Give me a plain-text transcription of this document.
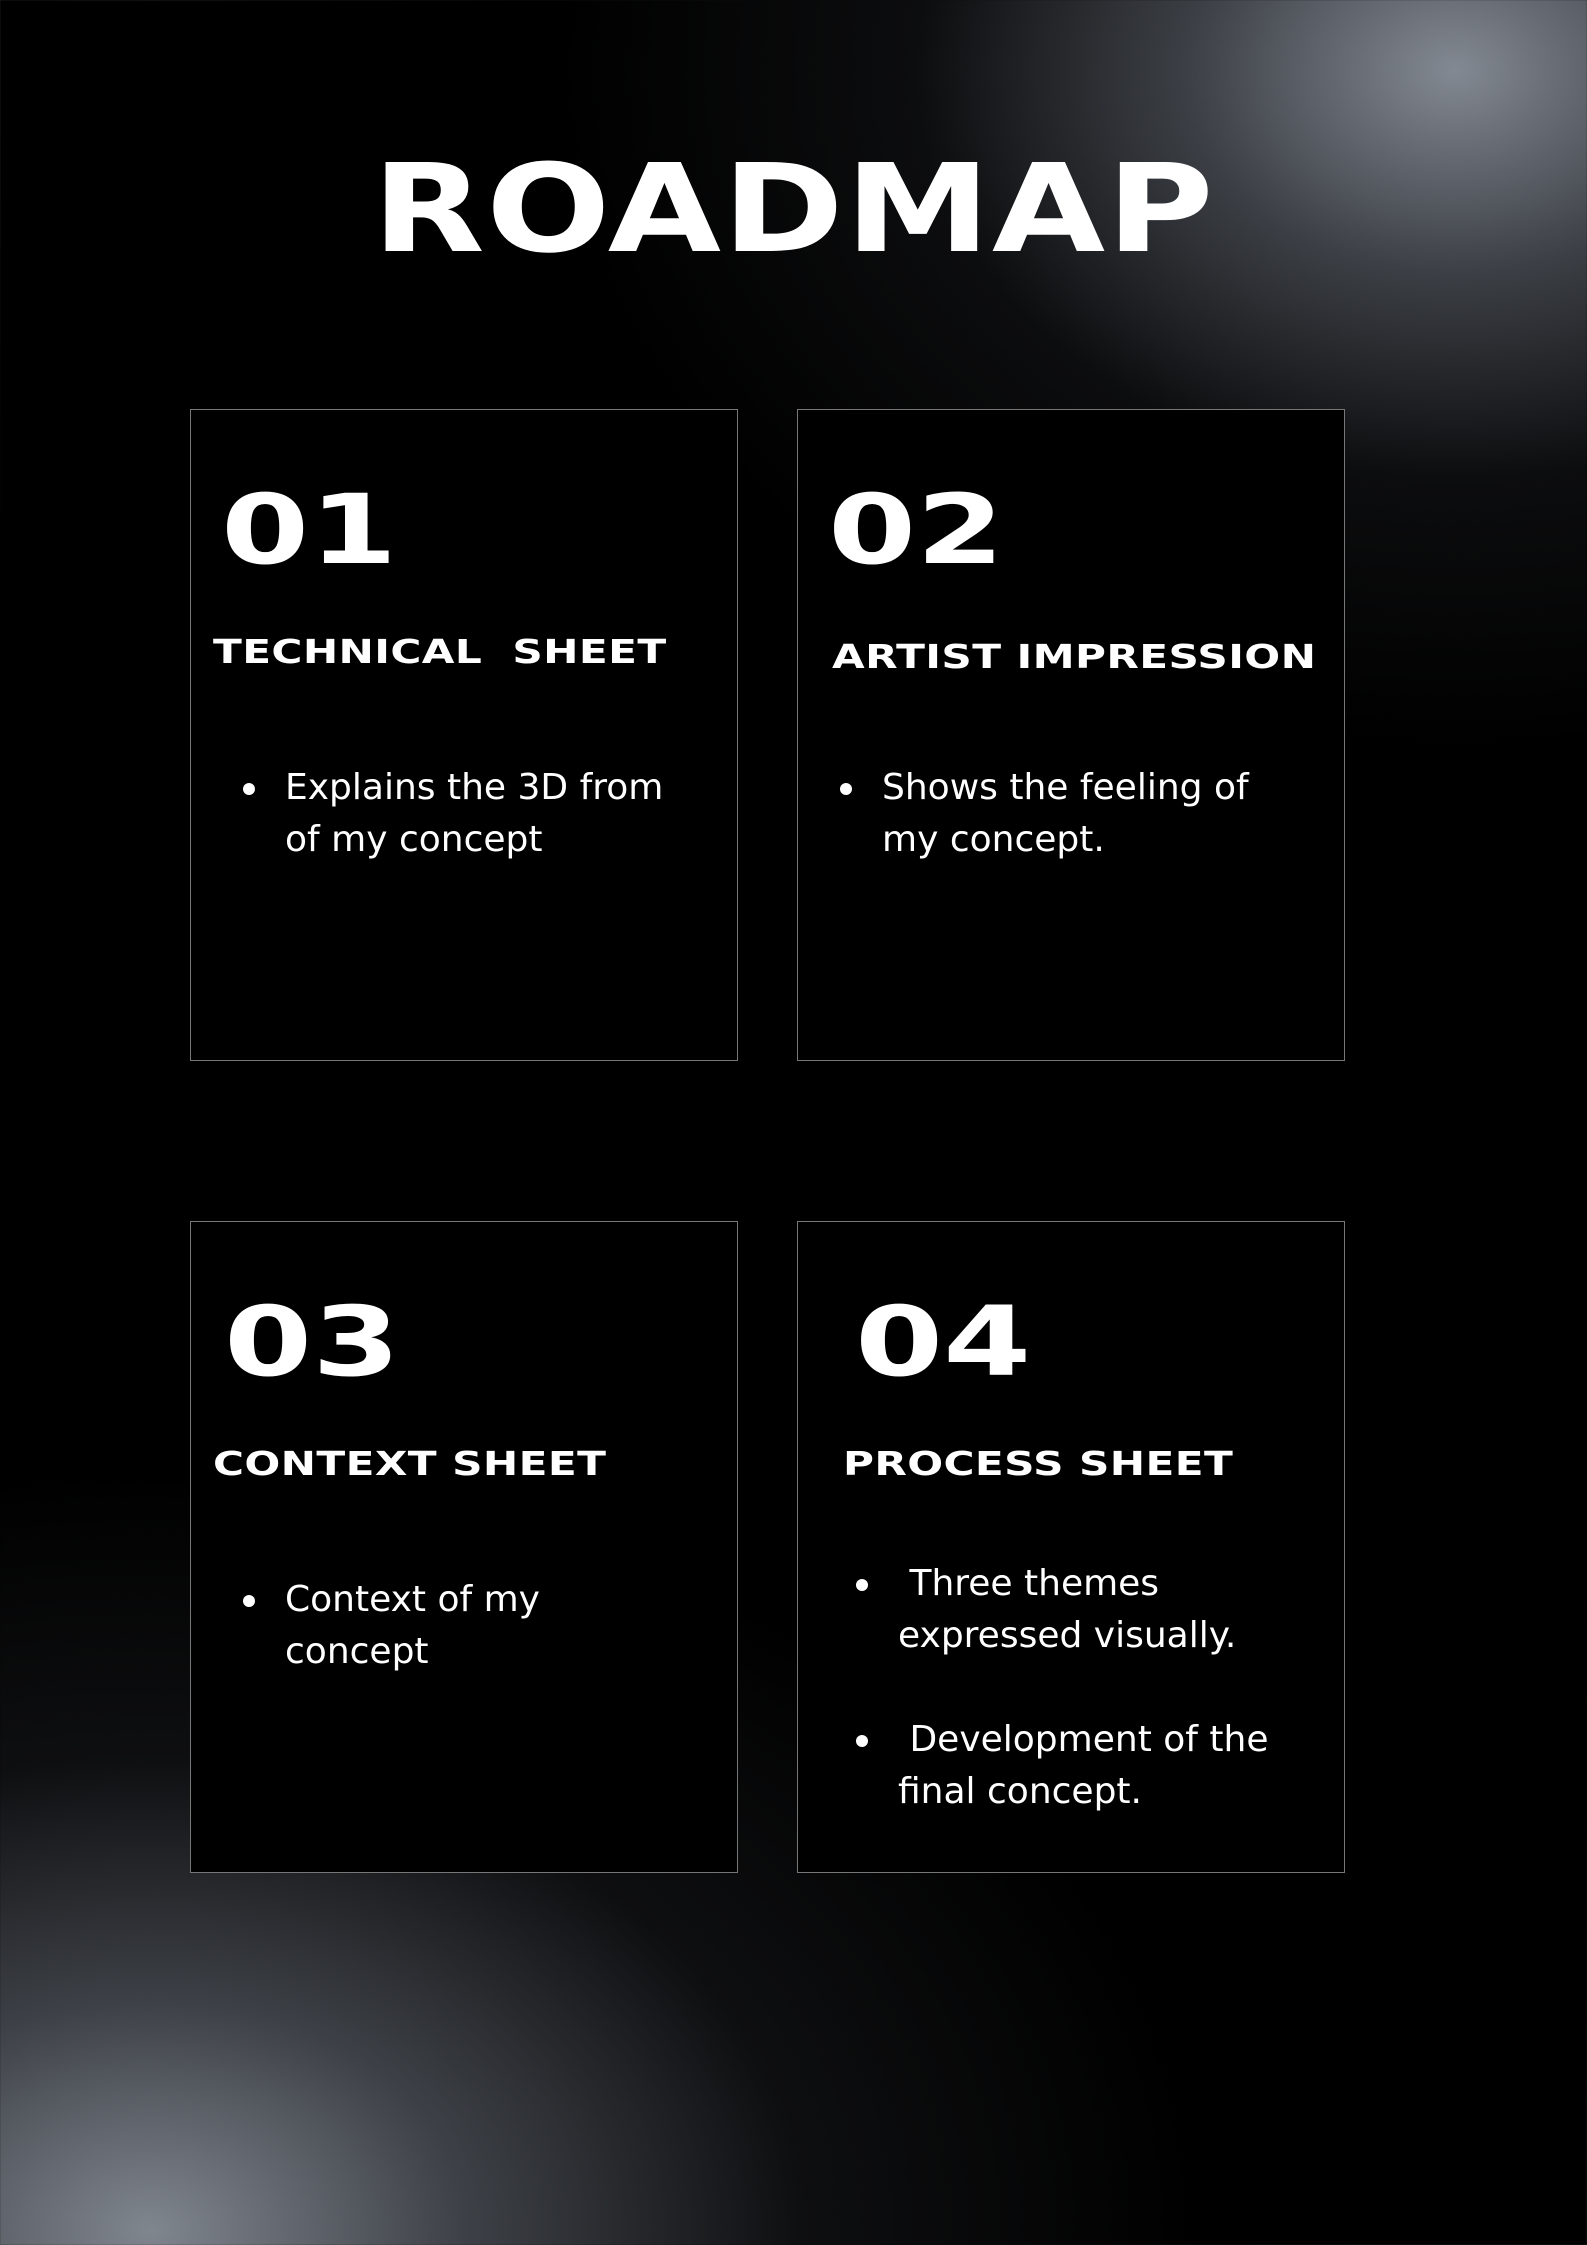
ROADMAP
01
TECHNICAL  SHEET
Explains the 3D from
of my concept
02
ARTIST IMPRESSION
Shows the feeling of
my concept.
03
CONTEXT SHEET
Context of my
concept
04
PROCESS SHEET
Three themes
expressed visually.
Development of the
final concept.
